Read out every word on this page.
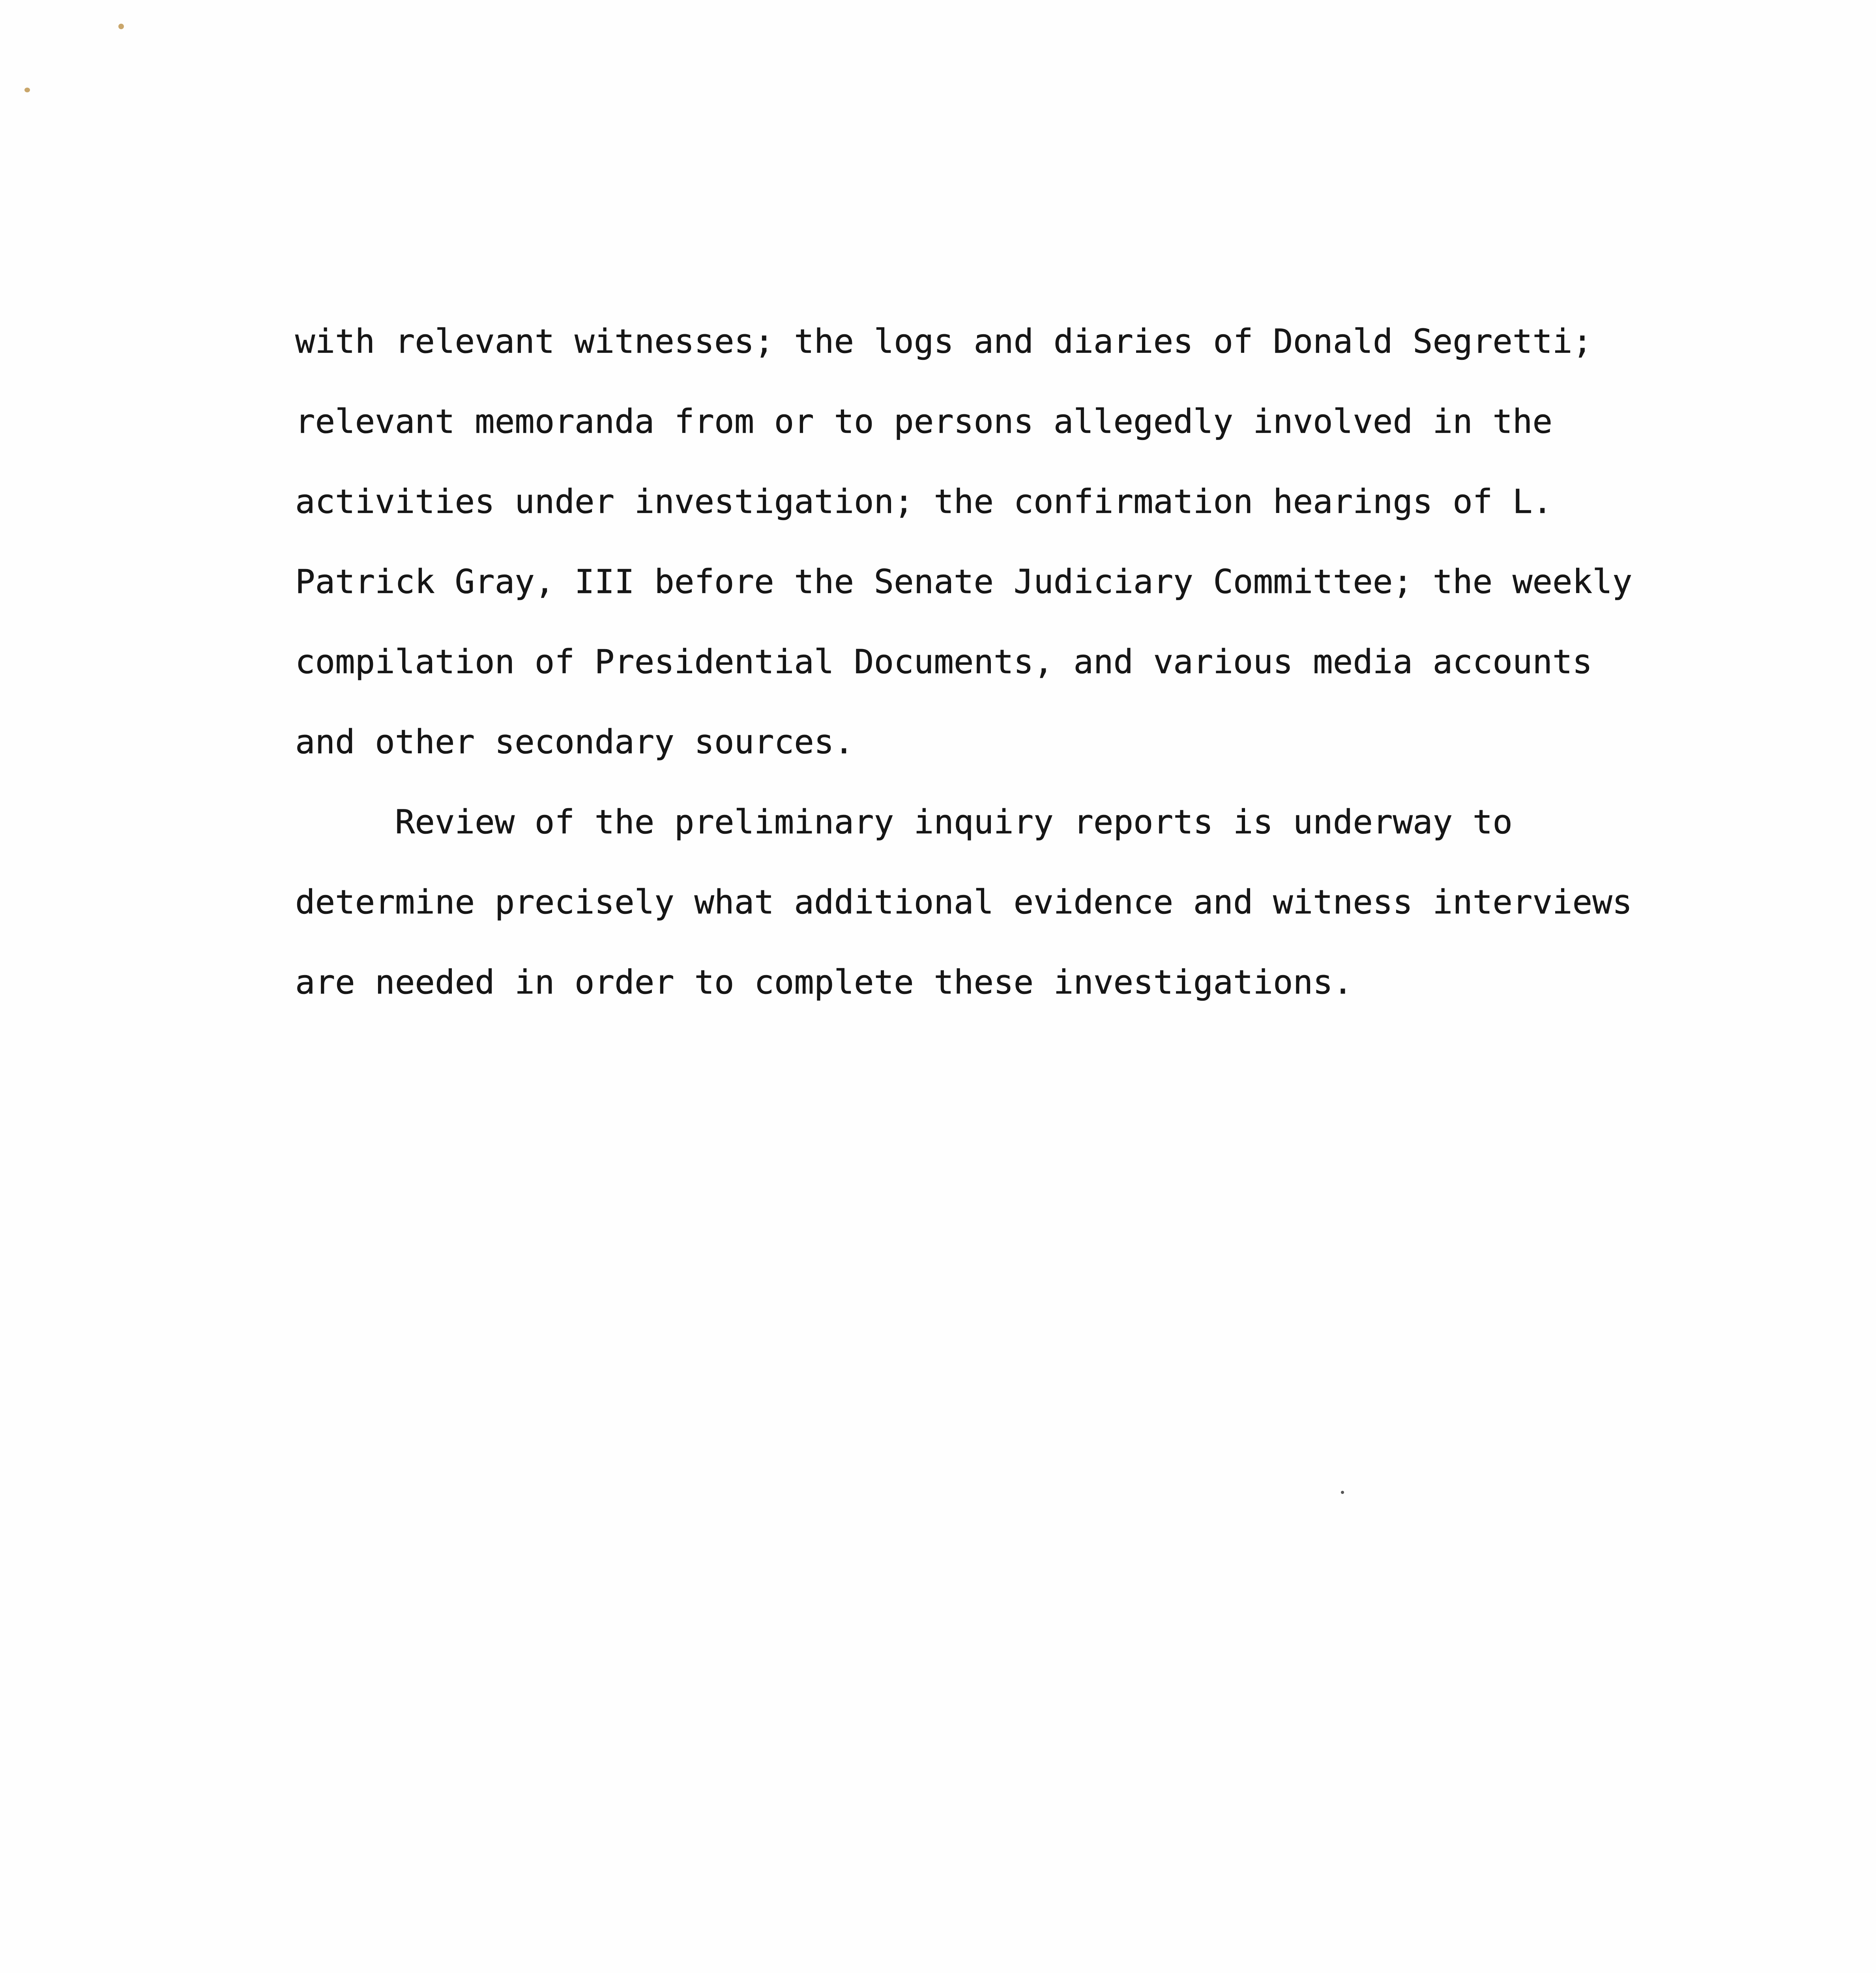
with relevant witnesses; the logs and diaries of Donald Segretti;
relevant memoranda from or to persons allegedly involved in the
activities under investigation; the confirmation hearings of L.
Patrick Gray, III before the Senate Judiciary Committee; the weekly
compilation of Presidential Documents, and various media accounts
and other secondary sources.
Review of the preliminary inquiry reports is underway to
determine precisely what additional evidence and witness interviews
are needed in order to complete these investigations.
